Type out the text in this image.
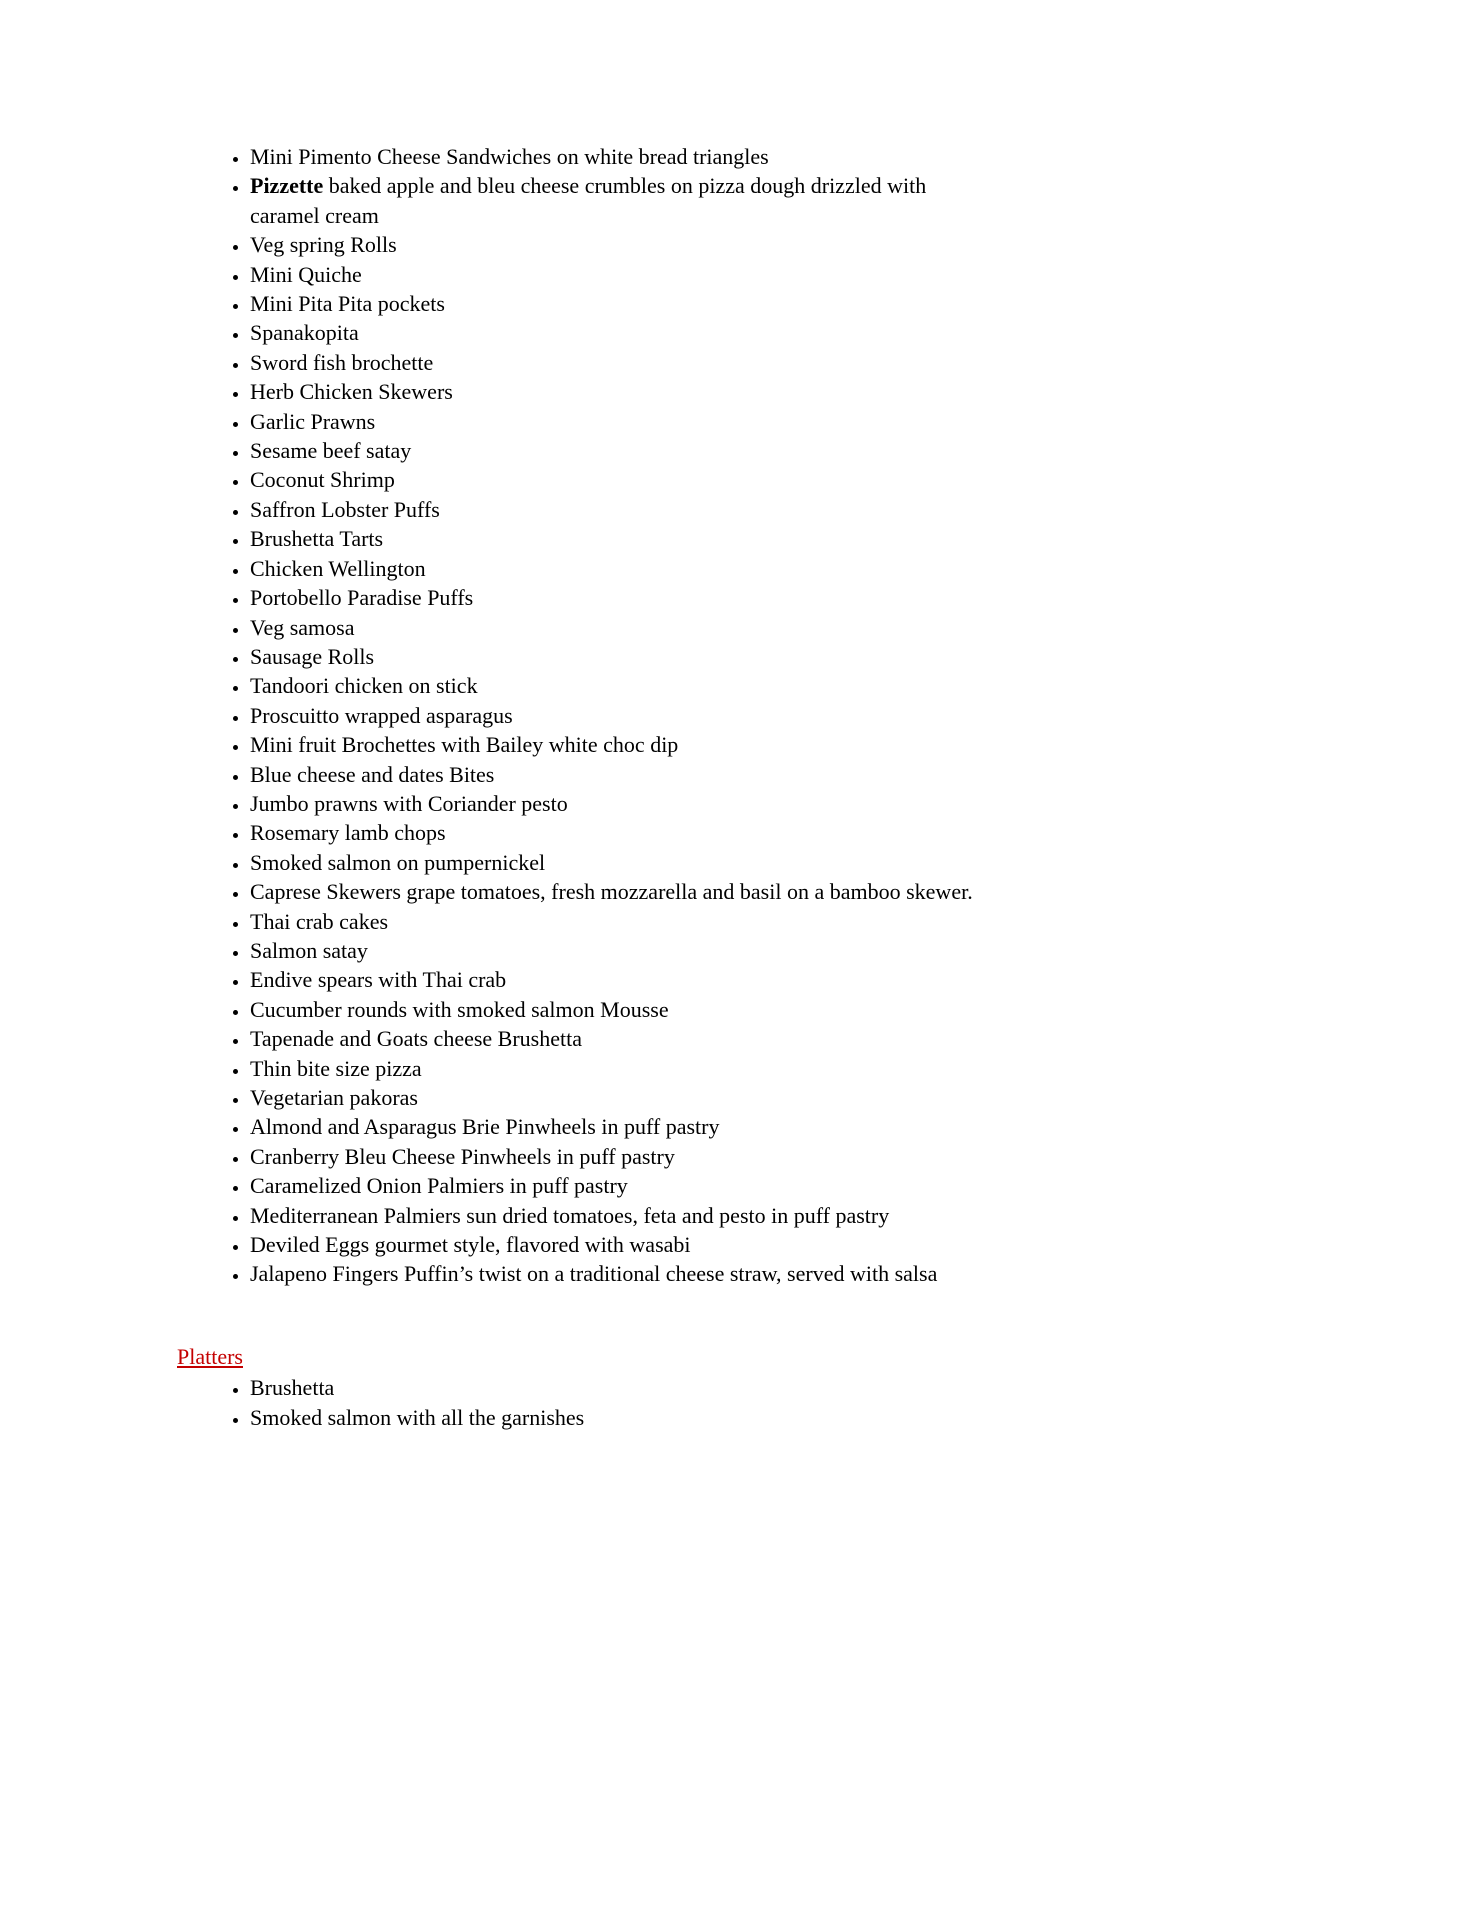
• Mini Pimento Cheese Sandwiches on white bread triangles
• Pizzette baked apple and bleu cheese crumbles on pizza dough drizzled with
caramel cream
• Veg spring Rolls
• Mini Quiche
• Mini Pita Pita pockets
• Spanakopita
• Sword fish brochette
• Herb Chicken Skewers
• Garlic Prawns
• Sesame beef satay
• Coconut Shrimp
• Saffron Lobster Puffs
• Brushetta Tarts
• Chicken Wellington
• Portobello Paradise Puffs
• Veg samosa
• Sausage Rolls
• Tandoori chicken on stick
• Proscuitto wrapped asparagus
• Mini fruit Brochettes with Bailey white choc dip
• Blue cheese and dates Bites
• Jumbo prawns with Coriander pesto
• Rosemary lamb chops
• Smoked salmon on pumpernickel
• Caprese Skewers grape tomatoes, fresh mozzarella and basil on a bamboo skewer.
• Thai crab cakes
• Salmon satay
• Endive spears with Thai crab
• Cucumber rounds with smoked salmon Mousse
• Tapenade and Goats cheese Brushetta
• Thin bite size pizza
• Vegetarian pakoras
• Almond and Asparagus Brie Pinwheels in puff pastry
• Cranberry Bleu Cheese Pinwheels in puff pastry
• Caramelized Onion Palmiers in puff pastry
• Mediterranean Palmiers sun dried tomatoes, feta and pesto in puff pastry
• Deviled Eggs gourmet style, flavored with wasabi
• Jalapeno Fingers Puffin’s twist on a traditional cheese straw, served with salsa
Platters
• Brushetta
• Smoked salmon with all the garnishes
